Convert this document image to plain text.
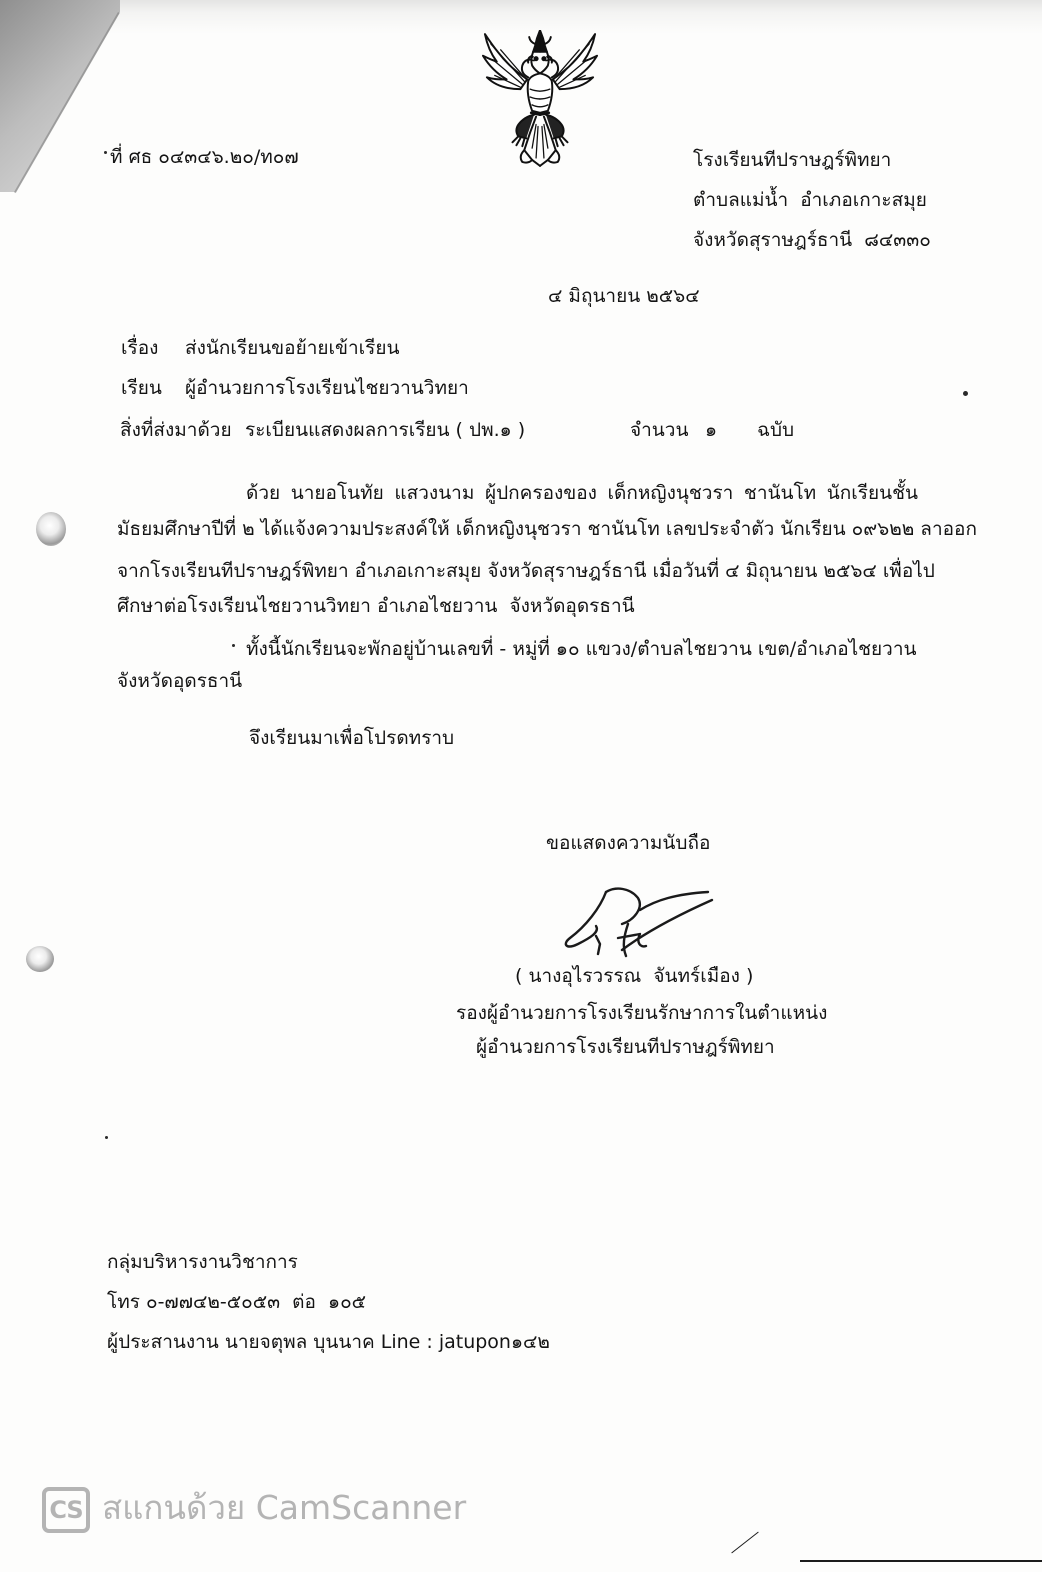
ที่ ศธ ๐๔๓๔๖.๒๐/ท๐๗	โรงเรียนทีปราษฎร์พิทยา
ตำบลแม่น้ำ  อำเภอเกาะสมุย
จังหวัดสุราษฎร์ธานี  ๘๔๓๓๐
๔ มิถุนายน ๒๕๖๔
เรื่อง ส่งนักเรียนขอย้ายเข้าเรียน
เรียน ผู้อำนวยการโรงเรียนไชยวานวิทยา
สิ่งที่ส่งมาด้วย ระเบียนแสดงผลการเรียน ( ปพ.๑ )	จำนวน ๑ ฉบับ
ด้วย นายอโนทัย แสวงนาม ผู้ปกครองของ เด็กหญิงนุชวรา ชานันโท นักเรียนชั้น
มัธยมศึกษาปีที่ ๒ ได้แจ้งความประสงค์ให้ เด็กหญิงนุชวรา ชานันโท เลขประจำตัว นักเรียน ๐๙๖๒๒ ลาออก
จากโรงเรียนทีปราษฎร์พิทยา อำเภอเกาะสมุย จังหวัดสุราษฎร์ธานี เมื่อวันที่ ๔ มิถุนายน ๒๕๖๔ เพื่อไป
ศึกษาต่อโรงเรียนไชยวานวิทยา อำเภอไชยวาน  จังหวัดอุดรธานี
ทั้งนี้นักเรียนจะพักอยู่บ้านเลขที่ - หมู่ที่ ๑๐ แขวง/ตำบลไชยวาน เขต/อำเภอไชยวาน
จังหวัดอุดรธานี
จึงเรียนมาเพื่อโปรดทราบ
ขอแสดงความนับถือ
( นางอุไรวรรณ  จันทร์เมือง )
รองผู้อำนวยการโรงเรียนรักษาการในตำแหน่ง
ผู้อำนวยการโรงเรียนทีปราษฎร์พิทยา
กลุ่มบริหารงานวิชาการ
โทร ๐-๗๗๔๒-๕๐๕๓  ต่อ  ๑๐๕
ผู้ประสานงาน นายจตุพล บุนนาค Line : jatupon๑๔๒
CS สแกนด้วย CamScanner
